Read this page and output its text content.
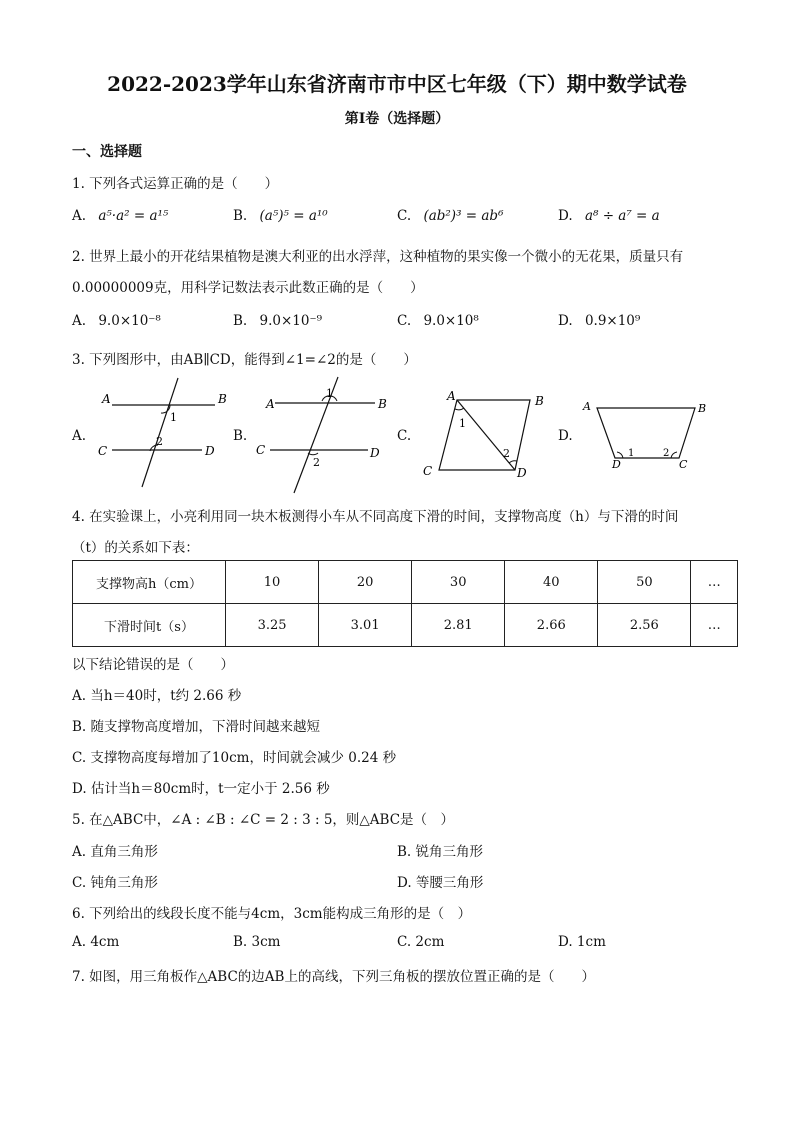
2022-2023学年山东省济南市市中区七年级（下）期中数学试卷
第Ⅰ卷（选择题）
一、选择题
1. 下列各式运算正确的是（　　）
A. a⁵·a² = a¹⁵	B. (a⁵)⁵ = a¹⁰	C. (ab²)³ = ab⁶	D. a⁸ ÷ a⁷ = a
2. 世界上最小的开花结果植物是澳大利亚的出水浮萍，这种植物的果实像一个微小的无花果，质量只有
0.00000009克，用科学记数法表示此数正确的是（　　）
A. 9.0×10⁻⁸	B. 9.0×10⁻⁹	C. 9.0×10⁸	D. 0.9×10⁹
3. 下列图形中，由AB∥CD，能得到∠1=∠2的是（　　）
A.
A	B
C	D
1
2	B.
A	B
C	D
1
2
C.
A	B
C	D
1
2
D.
A	B
C
D
1	2
4. 在实验课上，小亮利用同一块木板测得小车从不同高度下滑的时间，支撑物高度（h）与下滑的时间
（t）的关系如下表：
支撑物高h（cm）	10	20	30	40	50	…
下滑时间t（s）	3.25	3.01	2.81	2.66	2.56	…
以下结论错误的是（　　）
A. 当h＝40时，t约 2.66 秒
B. 随支撑物高度增加，下滑时间越来越短
C. 支撑物高度每增加了10cm，时间就会减少 0.24 秒
D. 估计当h＝80cm时，t一定小于 2.56 秒
5. 在△ABC中，∠A : ∠B : ∠C = 2 : 3 : 5，则△ABC是（　）
A. 直角三角形	B. 锐角三角形
C. 钝角三角形	D. 等腰三角形
6. 下列给出的线段长度不能与4cm，3cm能构成三角形的是（　）
A. 4cm	B. 3cm	C. 2cm	D. 1cm
7. 如图，用三角板作△ABC的边AB上的高线，下列三角板的摆放位置正确的是（　　）
